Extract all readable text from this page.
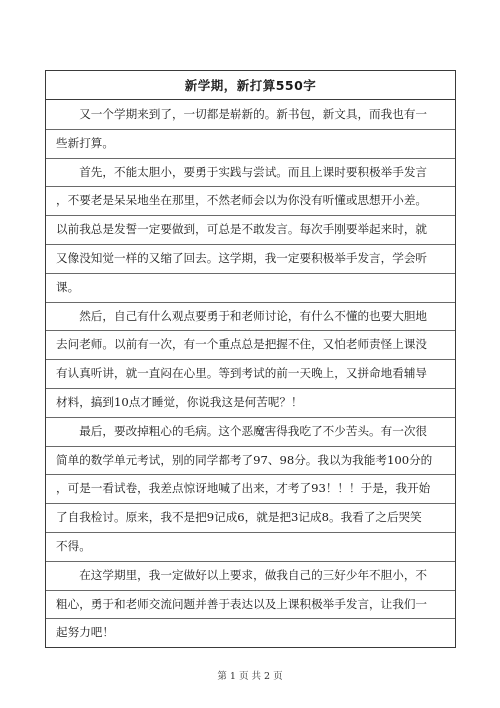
新学期，新打算550字
　　又一个学期来到了，一切都是崭新的。新书包，新文具，而我也有一
些新打算。
　　首先，不能太胆小，要勇于实践与尝试。而且上课时要积极举手发言
，不要老是呆呆地坐在那里，不然老师会以为你没有听懂或思想开小差。
以前我总是发誓一定要做到，可总是不敢发言。每次手刚要举起来时，就
又像没知觉一样的又缩了回去。这学期，我一定要积极举手发言，学会听
课。
　　然后，自己有什么观点要勇于和老师讨论，有什么不懂的也要大胆地
去问老师。以前有一次，有一个重点总是把握不住，又怕老师责怪上课没
有认真听讲，就一直闷在心里。等到考试的前一天晚上，又拼命地看辅导
材料，搞到10点才睡觉，你说我这是何苦呢？！
　　最后，要改掉粗心的毛病。这个恶魔害得我吃了不少苦头。有一次很
简单的数学单元考试，别的同学都考了97、98分。我以为我能考100分的
，可是一看试卷，我差点惊讶地喊了出来，才考了93！！！于是，我开始
了自我检讨。原来，我不是把9记成6，就是把3记成8。我看了之后哭笑
不得。
　　在这学期里，我一定做好以上要求，做我自己的三好少年不胆小，不
粗心，勇于和老师交流问题并善于表达以及上课积极举手发言，让我们一
起努力吧！
第 1 页 共 2 页
